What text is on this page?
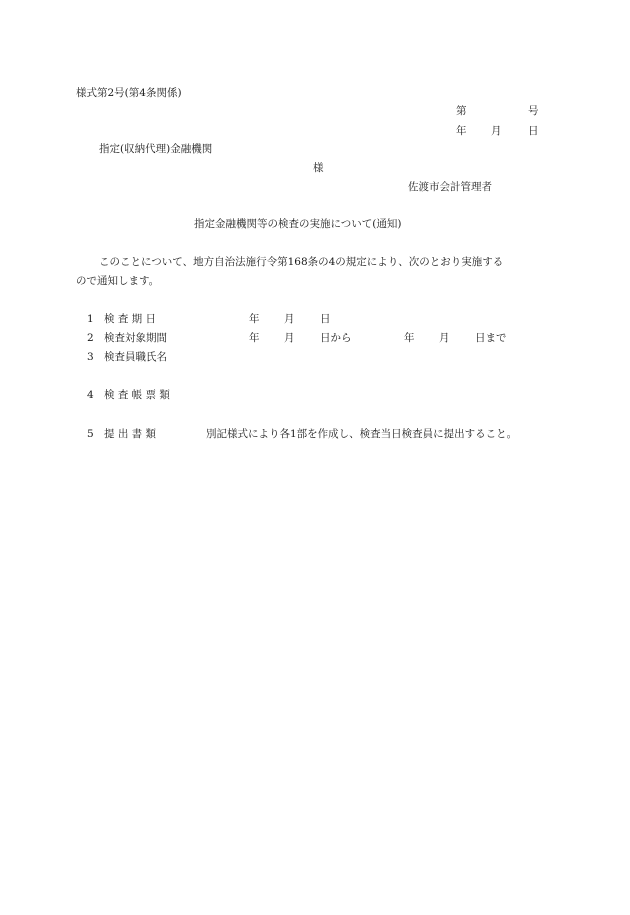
様式第2号(第4条関係)
第	号
年 月	日
指定(収納代理)金融機関
様
佐渡市会計管理者
指定金融機関等の検査の実施について(通知)
このことについて、地方自治法施行令第168条の4の規定により、次のとおり実施する
ので通知します。
1 検 査 期 日	年 月 日
2 検査対象期間	年 月 日から	年 月 日まで
3 検査員職氏名
4 検 査 帳 票 類
5 提 出 書 類	別記様式により各1部を作成し、検査当日検査員に提出すること。
